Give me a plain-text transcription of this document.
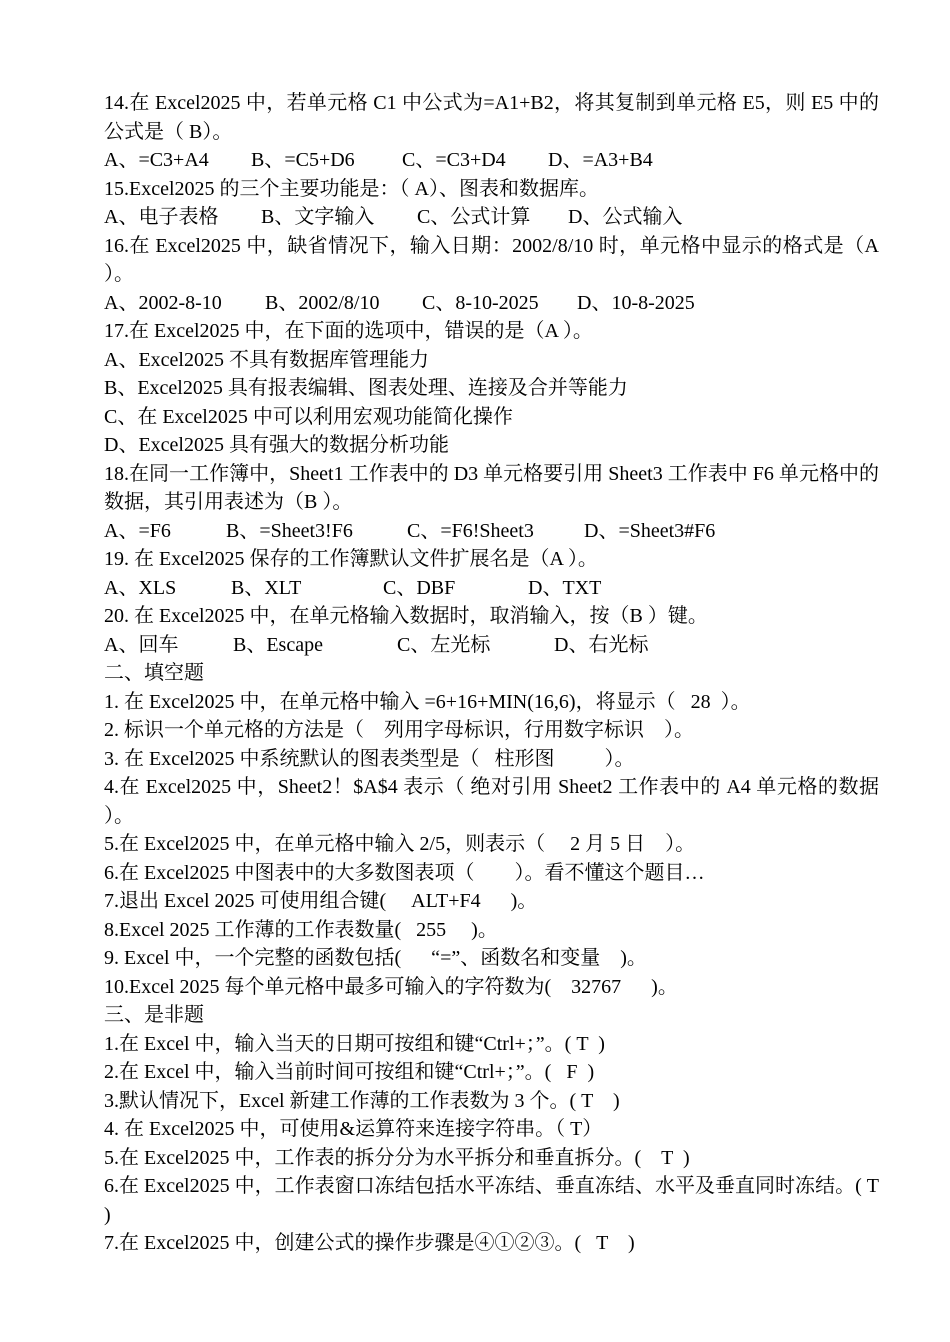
14.在 Excel2025 中，若单元格 C1 中公式为=A1+B2，将其复制到单元格 E5，则 E5 中的公式是（ B）。
A、=C3+A4	B、=C5+D6	C、=C3+D4	D、=A3+B4
15.Excel2025 的三个主要功能是：（ A）、图表和数据库。
A、电子表格	B、文字输入	C、公式计算	D、公式输入
16.在 Excel2025 中，缺省情况下，输入日期：2002/8/10 时，单元格中显示的格式是（A ）。
A、2002-8-10	B、2002/8/10	C、8-10-2025	D、10-8-2025
17.在 Excel2025 中，在下面的选项中，错误的是（A ）。
A、Excel2025 不具有数据库管理能力
B、Excel2025 具有报表编辑、图表处理、连接及合并等能力
C、在 Excel2025 中可以利用宏观功能简化操作
D、Excel2025 具有强大的数据分析功能
18.在同一工作簿中，Sheet1 工作表中的 D3 单元格要引用 Sheet3 工作表中 F6 单元格中的数据，其引用表述为（B ）。
A、=F6	B、=Sheet3!F6	C、=F6!Sheet3	D、=Sheet3#F6
19. 在 Excel2025 保存的工作簿默认文件扩展名是（A ）。
A、XLS	B、XLT	C、DBF	D、TXT
20. 在 Excel2025 中，在单元格输入数据时，取消输入，按（B ）键。
A、回车	B、Escape	C、左光标	D、右光标
二、填空题
1. 在 Excel2025 中，在单元格中输入 =6+16+MIN(16,6)，将显示（   28  ）。
2. 标识一个单元格的方法是（    列用字母标识，行用数字标识    ）。
3. 在 Excel2025 中系统默认的图表类型是（   柱形图          ）。
4.在 Excel2025 中，Sheet2！$A$4 表示（ 绝对引用 Sheet2 工作表中的 A4 单元格的数据 ）。
5.在 Excel2025 中，在单元格中输入 2/5，则表示（     2 月 5 日    ）。
6.在 Excel2025 中图表中的大多数图表项（        ）。看不懂这个题目…
7.退出 Excel 2025 可使用组合键(     ALT+F4      )。
8.Excel 2025 工作薄的工作表数量(   255     )。
9. Excel 中，一个完整的函数包括(      “=”、函数名和变量    )。
10.Excel 2025 每个单元格中最多可输入的字符数为(    32767      )。
三、是非题
1.在 Excel 中，输入当天的日期可按组和键“Ctrl+；”。( T  )
2.在 Excel 中，输入当前时间可按组和键“Ctrl+；”。(   F  )
3.默认情况下，Excel 新建工作薄的工作表数为 3 个。( T    )
4. 在 Excel2025 中，可使用&运算符来连接字符串。（ T）
5.在 Excel2025 中，工作表的拆分分为水平拆分和垂直拆分。(    T  )
6.在 Excel2025 中，工作表窗口冻结包括水平冻结、垂直冻结、水平及垂直同时冻结。( T )
7.在 Excel2025 中，创建公式的操作步骤是④①②③。(   T    )
